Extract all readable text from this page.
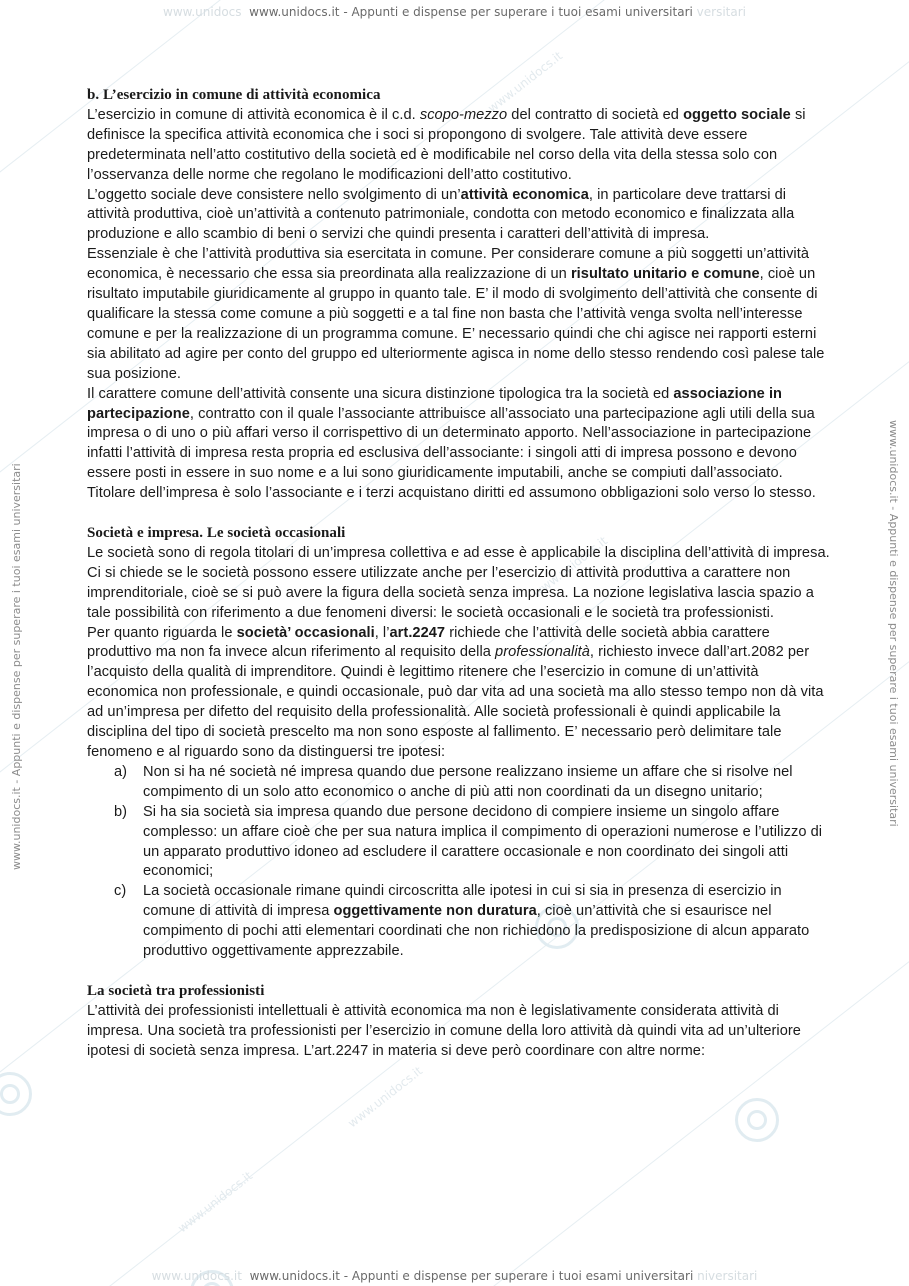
www.unidocs.it
www.unidocs.it
www.unidocs.it
www.unidocs.it
www.unidocs  www.unidocs.it - Appunti e dispense per superare i tuoi esami universitari versitari
www.unidocs.it - Appunti e dispense per superare i tuoi esami universitari	www.unidocs.it - Appunti e dispense per superare i tuoi esami universitari

b. L’esercizio in comune di attività economica

L’esercizio in comune di attività economica è il c.d. scopo-mezzo del contratto di società ed oggetto sociale si definisce la specifica attività economica che i soci si propongono di svolgere. Tale attività deve essere predeterminata nell’atto costitutivo della società ed è modificabile nel corso della vita della stessa solo con l’osservanza delle norme che regolano le modificazioni dell’atto costitutivo.

L’oggetto sociale deve consistere nello svolgimento di un’attività economica, in particolare deve trattarsi di attività produttiva, cioè un’attività a contenuto patrimoniale, condotta con metodo economico e finalizzata alla produzione e allo scambio di beni o servizi che quindi presenta i caratteri dell’attività di impresa.

Essenziale è che l’attività produttiva sia esercitata in comune. Per considerare comune a più soggetti un’attività economica, è necessario che essa sia preordinata alla realizzazione di un risultato unitario e comune, cioè un risultato imputabile giuridicamente al gruppo in quanto tale. E’ il modo di svolgimento dell’attività che consente di qualificare la stessa come comune a più soggetti e a tal fine non basta che l’attività venga svolta nell’interesse comune e per la realizzazione di un programma comune. E’ necessario quindi che chi agisce nei rapporti esterni sia abilitato ad agire per conto del gruppo ed ulteriormente agisca in nome dello stesso rendendo così palese tale sua posizione.

Il carattere comune dell’attività consente una sicura distinzione tipologica tra la società ed associazione in partecipazione, contratto con il quale l’associante attribuisce all’associato una partecipazione agli utili della sua impresa o di uno o più affari verso il corrispettivo di un determinato apporto. Nell’associazione in partecipazione infatti l’attività di impresa resta propria ed esclusiva dell’associante: i singoli atti di impresa possono e devono essere posti in essere in suo nome e a lui sono giuridicamente imputabili, anche se compiuti dall’associato. Titolare dell’impresa è solo l’associante e i terzi acquistano diritti ed assumono obbligazioni solo verso lo stesso.

Società e impresa. Le società occasionali

Le società sono di regola titolari di un’impresa collettiva e ad esse è applicabile la disciplina dell’attività di impresa.

Ci si chiede se le società possono essere utilizzate anche per l’esercizio di attività produttiva a carattere non imprenditoriale, cioè se si può avere la figura della società senza impresa. La nozione legislativa lascia spazio a tale possibilità con riferimento a due fenomeni diversi: le società occasionali e le società tra professionisti.

Per quanto riguarda le società’ occasionali, l’art.2247 richiede che l’attività delle società abbia carattere produttivo ma non fa invece alcun riferimento al requisito della professionalità, richiesto invece dall’art.2082 per l’acquisto della qualità di imprenditore. Quindi è legittimo ritenere che l’esercizio in comune di un’attività economica non professionale, e quindi occasionale, può dar vita ad una società ma allo stesso tempo non dà vita ad un’impresa per difetto del requisito della professionalità. Alle società professionali è quindi applicabile la disciplina del tipo di società prescelto ma non sono esposte al fallimento. E’ necessario però delimitare tale fenomeno e al riguardo sono da distinguersi tre ipotesi:

a) Non si ha né società né impresa quando due persone realizzano insieme un affare che si risolve nel compimento di un solo atto economico o anche di più atti non coordinati da un disegno unitario;
b) Si ha sia società sia impresa quando due persone decidono di compiere insieme un singolo affare complesso: un affare cioè che per sua natura implica il compimento di operazioni numerose e l’utilizzo di un apparato produttivo idoneo ad escludere il carattere occasionale e non coordinato dei singoli atti economici;
c) La società occasionale rimane quindi circoscritta alle ipotesi in cui si sia in presenza di esercizio in comune di attività di impresa oggettivamente non duratura, cioè un’attività che si esaurisce nel compimento di pochi atti elementari coordinati che non richiedono la predisposizione di alcun apparato produttivo oggettivamente apprezzabile.

La società tra professionisti

L’attività dei professionisti intellettuali è attività economica ma non è legislativamente considerata attività di impresa. Una società tra professionisti per l’esercizio in comune della loro attività dà quindi vita ad un’ulteriore ipotesi di società senza impresa. L’art.2247 in materia si deve però coordinare con altre norme:

www.unidocs.it  www.unidocs.it - Appunti e dispense per superare i tuoi esami universitari niversitari
